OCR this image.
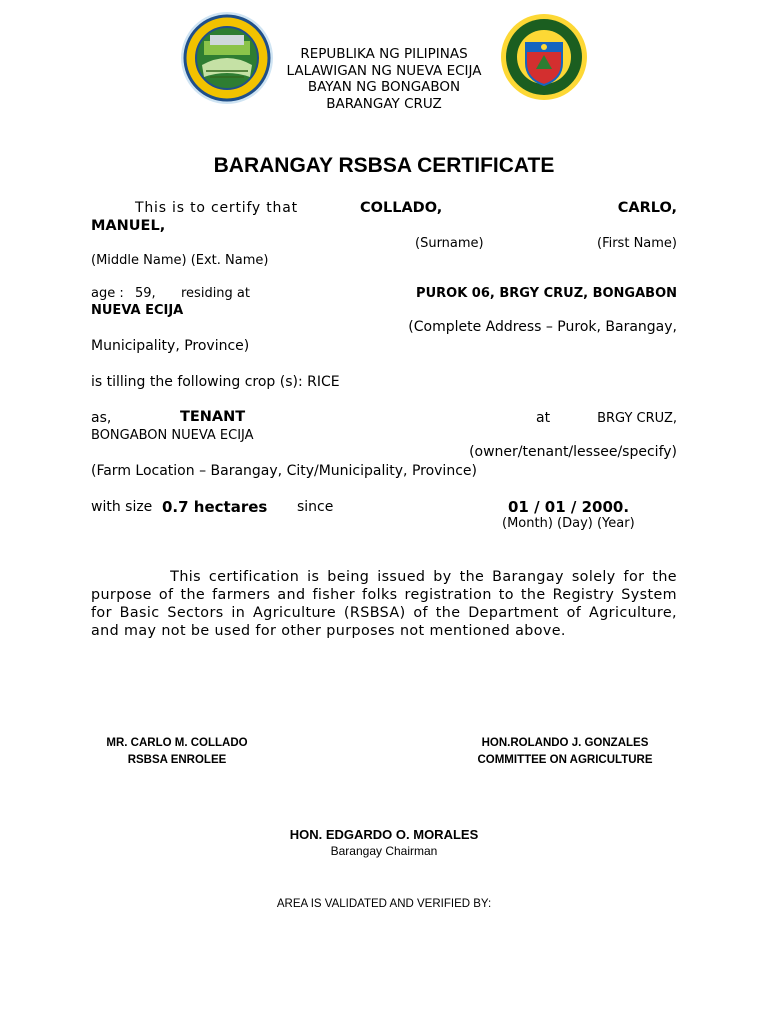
REPUBLIKA NG PILIPINAS
LALAWIGAN NG NUEVA ECIJA
BAYAN NG BONGABON
BARANGAY CRUZ
BARANGAY RSBSA CERTIFICATE
This is to certify that	COLLADO,	CARLO,
MANUEL,
(Surname)	(First Name)
(Middle Name) (Ext. Name)
age : 59, residing at	PUROK 06, BRGY CRUZ, BONGABON
NUEVA ECIJA
(Complete Address – Purok, Barangay,
Municipality, Province)
is tilling the following crop (s): RICE
as,	TENANT	at	BRGY CRUZ,
BONGABON NUEVA ECIJA
(owner/tenant/lessee/specify)
(Farm Location – Barangay, City/Municipality, Province)
with size 0.7 hectares since	01 / 01 / 2000.
(Month) (Day) (Year)
This certification is being issued by the Barangay solely for the purpose of the farmers and fisher folks registration to the Registry System for Basic Sectors in Agriculture (RSBSA) of the Department of Agriculture, and may not be used for other purposes not mentioned above.
MR. CARLO M. COLLADO
RSBSA ENROLEE
HON.ROLANDO J. GONZALES
COMMITTEE ON AGRICULTURE
HON. EDGARDO O. MORALES
Barangay Chairman
AREA IS VALIDATED AND VERIFIED BY:
